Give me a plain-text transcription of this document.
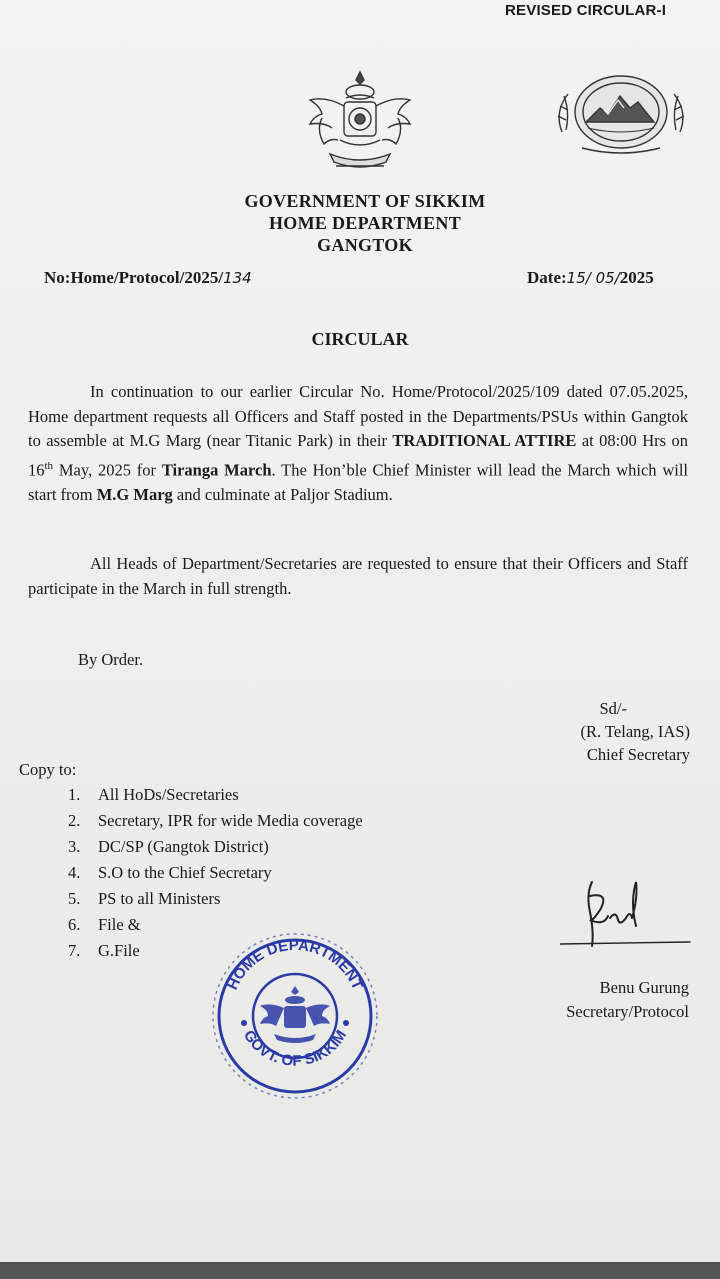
REVISED CIRCULAR-I
GOVERNMENT OF SIKKIM
HOME DEPARTMENT
GANGTOK
No:Home/Protocol/2025/134	Date:15/ 05/2025
CIRCULAR

In continuation to our earlier Circular No. Home/Protocol/2025/109 dated 07.05.2025, Home department requests all Officers and Staff posted in the Departments/PSUs within Gangtok to assemble at M.G Marg (near Titanic Park) in their TRADITIONAL ATTIRE at 08:00 Hrs on 16th May, 2025 for Tiranga March. The Hon’ble Chief Minister will lead the March which will start from M.G Marg and culminate at Paljor Stadium.

All Heads of Department/Secretaries are requested to ensure that their Officers and Staff participate in the March in full strength.

By Order.
Sd/-
(R. Telang, IAS)
Chief Secretary
Copy to:
1. All HoDs/Secretaries
2. Secretary, IPR for wide Media coverage
3. DC/SP (Gangtok District)
4. S.O to the Chief Secretary
5. PS to all Ministers
6. File &
7. G.File
Benu Gurung
Secretary/Protocol
HOME DEPARTMENT
GOVT. OF SIKKIM
